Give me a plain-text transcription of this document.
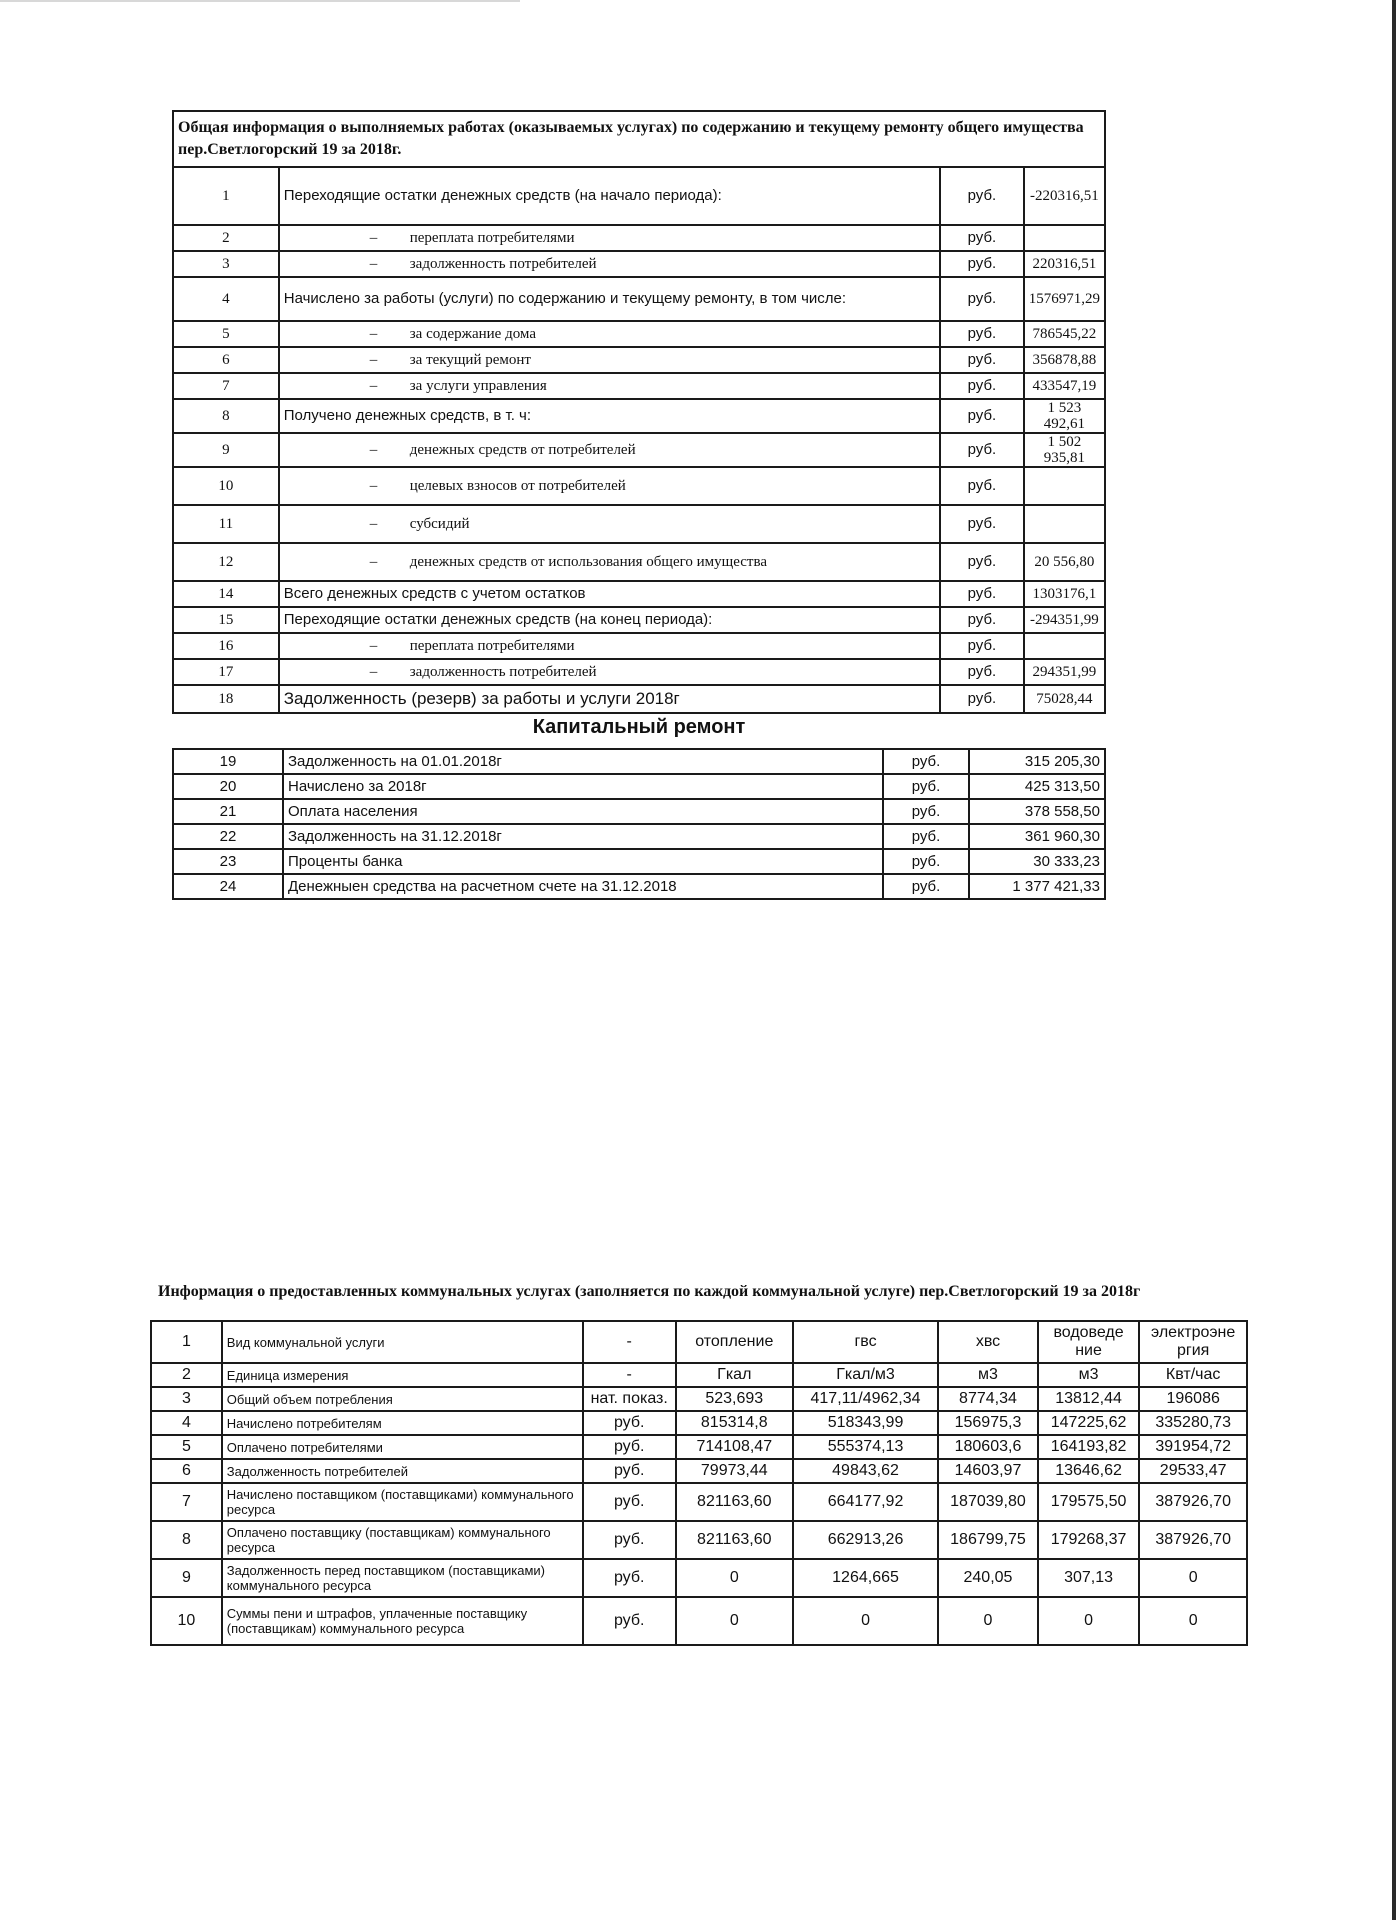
Общая информация о выполняемых работах (оказываемых услугах) по содержанию и текущему ремонту общего имущества пер.Светлогорский 19 за 2018г.			
1	Переходящие остатки денежных средств (на начало периода):	руб.	-220316,51
2	– переплата потребителями	руб.	
3	– задолженность потребителей	руб.	220316,51
4	Начислено за работы (услуги) по содержанию и текущему ремонту, в том числе:	руб.	1576971,29
5	– за содержание дома	руб.	786545,22
6	– за текущий ремонт	руб.	356878,88
7	– за услуги управления	руб.	433547,19
8	Получено денежных средств, в т. ч:	руб.	1 523 492,61
9	– денежных средств от потребителей	руб.	1 502 935,81
10	– целевых взносов от потребителей	руб.	
11	– субсидий	руб.	
12	– денежных средств от использования общего имущества	руб.	20 556,80
14	Всего денежных средств с учетом остатков	руб.	1303176,1
15	Переходящие остатки денежных средств (на конец периода):	руб.	-294351,99
16	– переплата потребителями	руб.	
17	– задолженность потребителей	руб.	294351,99
18	Задолженность (резерв) за работы и услуги 2018г	руб.	75028,44
Капитальный ремонт
19	Задолженность на 01.01.2018г	руб.	315 205,30
20	Начислено за 2018г	руб.	425 313,50
21	Оплата населения	руб.	378 558,50
22	Задолженность на 31.12.2018г	руб.	361 960,30
23	Проценты банка	руб.	30 333,23
24	Денежныен средства на расчетном счете на 31.12.2018	руб.	1 377 421,33
Информация о предоставленных коммунальных услугах (заполняется по каждой коммунальной услуге) пер.Светлогорский 19 за 2018г
1	Вид коммунальной услуги	-	отопление	гвс	хвс	водоведе ние	электроэне ргия
2	Единица измерения	-	Гкал	Гкал/м3	м3	м3	Квт/час
3	Общий объем потребления	нат. показ.	523,693	417,11/4962,34	8774,34	13812,44	196086
4	Начислено потребителям	руб.	815314,8	518343,99	156975,3	147225,62	335280,73
5	Оплачено потребителями	руб.	714108,47	555374,13	180603,6	164193,82	391954,72
6	Задолженность потребителей	руб.	79973,44	49843,62	14603,97	13646,62	29533,47
7	Начислено поставщиком (поставщиками) коммунального ресурса	руб.	821163,60	664177,92	187039,80	179575,50	387926,70
8	Оплачено поставщику (поставщикам) коммунального ресурса	руб.	821163,60	662913,26	186799,75	179268,37	387926,70
9	Задолженность перед поставщиком (поставщиками) коммунального ресурса	руб.	0	1264,665	240,05	307,13	0
10	Суммы пени и штрафов, уплаченные поставщику (поставщикам) коммунального ресурса	руб.	0	0	0	0	0
